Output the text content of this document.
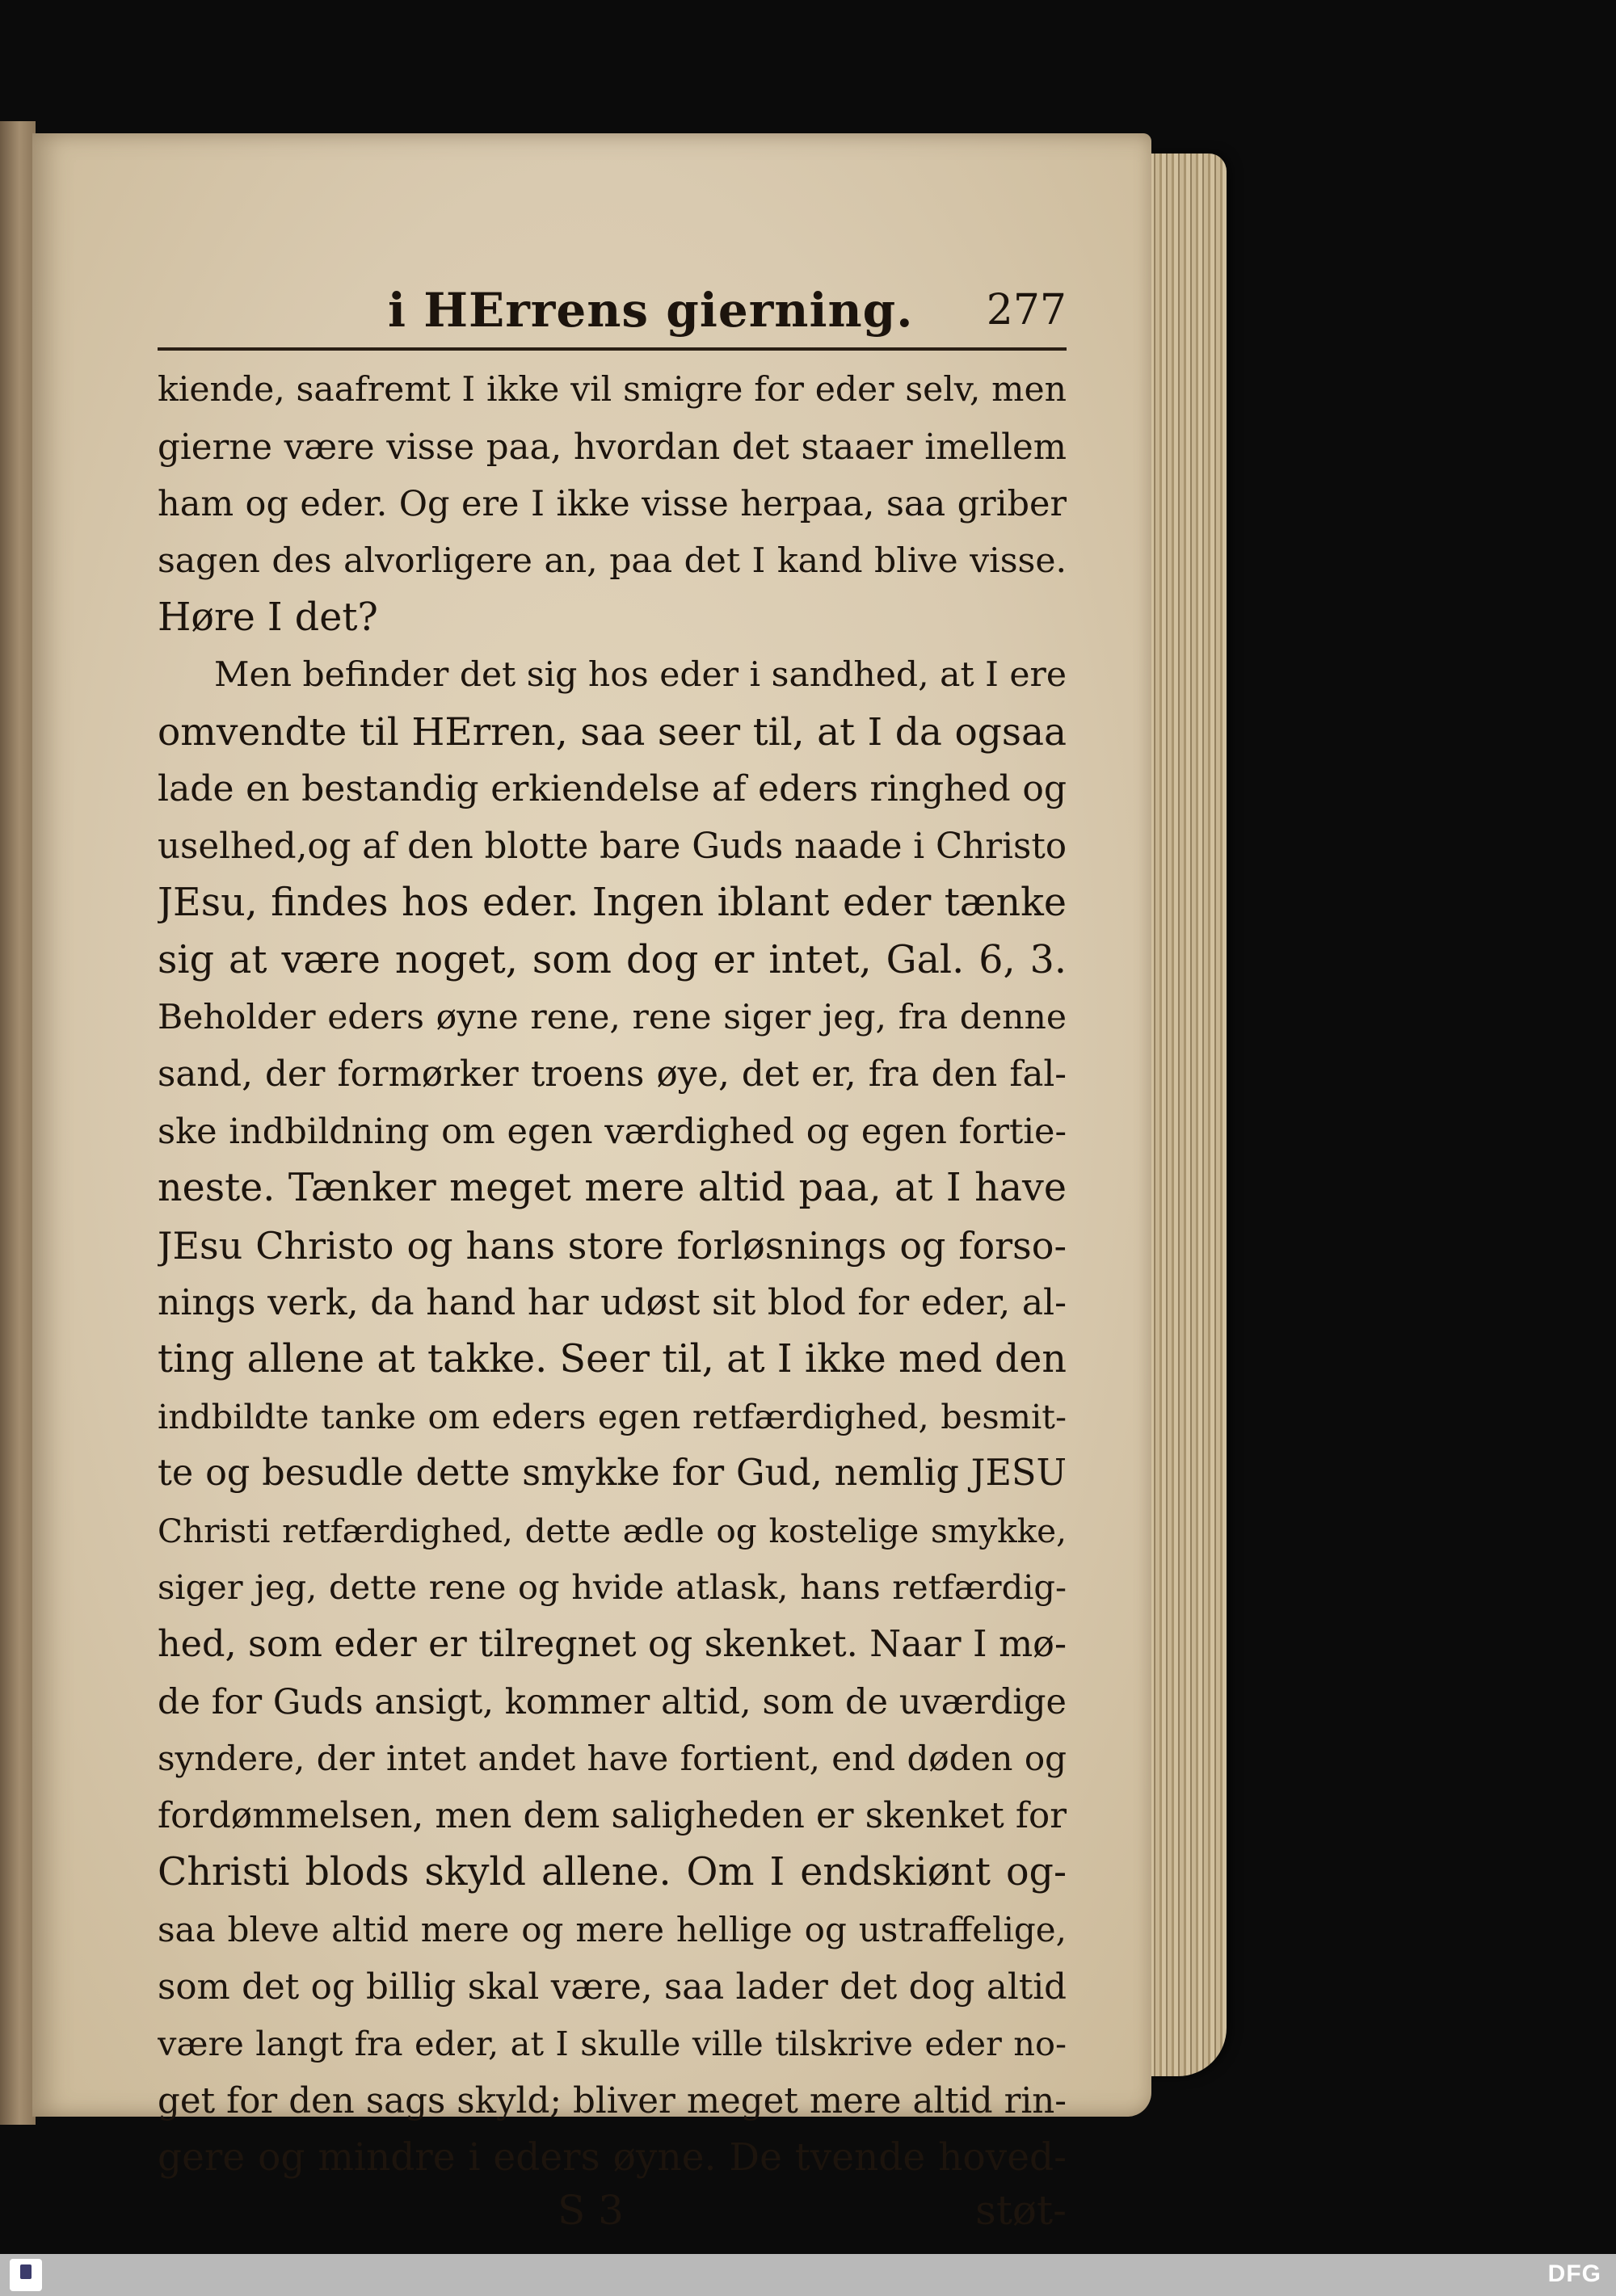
i HErrens gierning. 277
kiende, saafremt I ikke vil smigre for eder selv, men
gierne være visse paa, hvordan det staaer imellem
ham og eder. Og ere I ikke visse herpaa, saa griber
sagen des alvorligere an, paa det I kand blive visse.
Høre I det?
Men befinder det sig hos eder i sandhed, at I ere
omvendte til HErren, saa seer til, at I da ogsaa
lade en bestandig erkiendelse af eders ringhed og
uselhed,og af den blotte bare Guds naade i Christo
JEsu, findes hos eder. Ingen iblant eder tænke
sig at være noget, som dog er intet, Gal. 6, 3.
Beholder eders øyne rene, rene siger jeg, fra denne
sand, der formørker troens øye, det er, fra den fal-
ske indbildning om egen værdighed og egen fortie-
neste. Tænker meget mere altid paa, at I have
JEsu Christo og hans store forløsnings og forso-
nings verk, da hand har udøst sit blod for eder, al-
ting allene at takke. Seer til, at I ikke med den
indbildte tanke om eders egen retfærdighed, besmit-
te og besudle dette smykke for Gud, nemlig JESU
Christi retfærdighed, dette ædle og kostelige smykke,
siger jeg, dette rene og hvide atlask, hans retfærdig-
hed, som eder er tilregnet og skenket. Naar I mø-
de for Guds ansigt, kommer altid, som de uværdige
syndere, der intet andet have fortient, end døden og
fordømmelsen, men dem saligheden er skenket for
Christi blods skyld allene. Om I endskiønt og-
saa bleve altid mere og mere hellige og ustraffelige,
som det og billig skal være, saa lader det dog altid
være langt fra eder, at I skulle ville tilskrive eder no-
get for den sags skyld; bliver meget mere altid rin-
gere og mindre i eders øyne. De tvende hoved-
S 3	støt-
DFG
